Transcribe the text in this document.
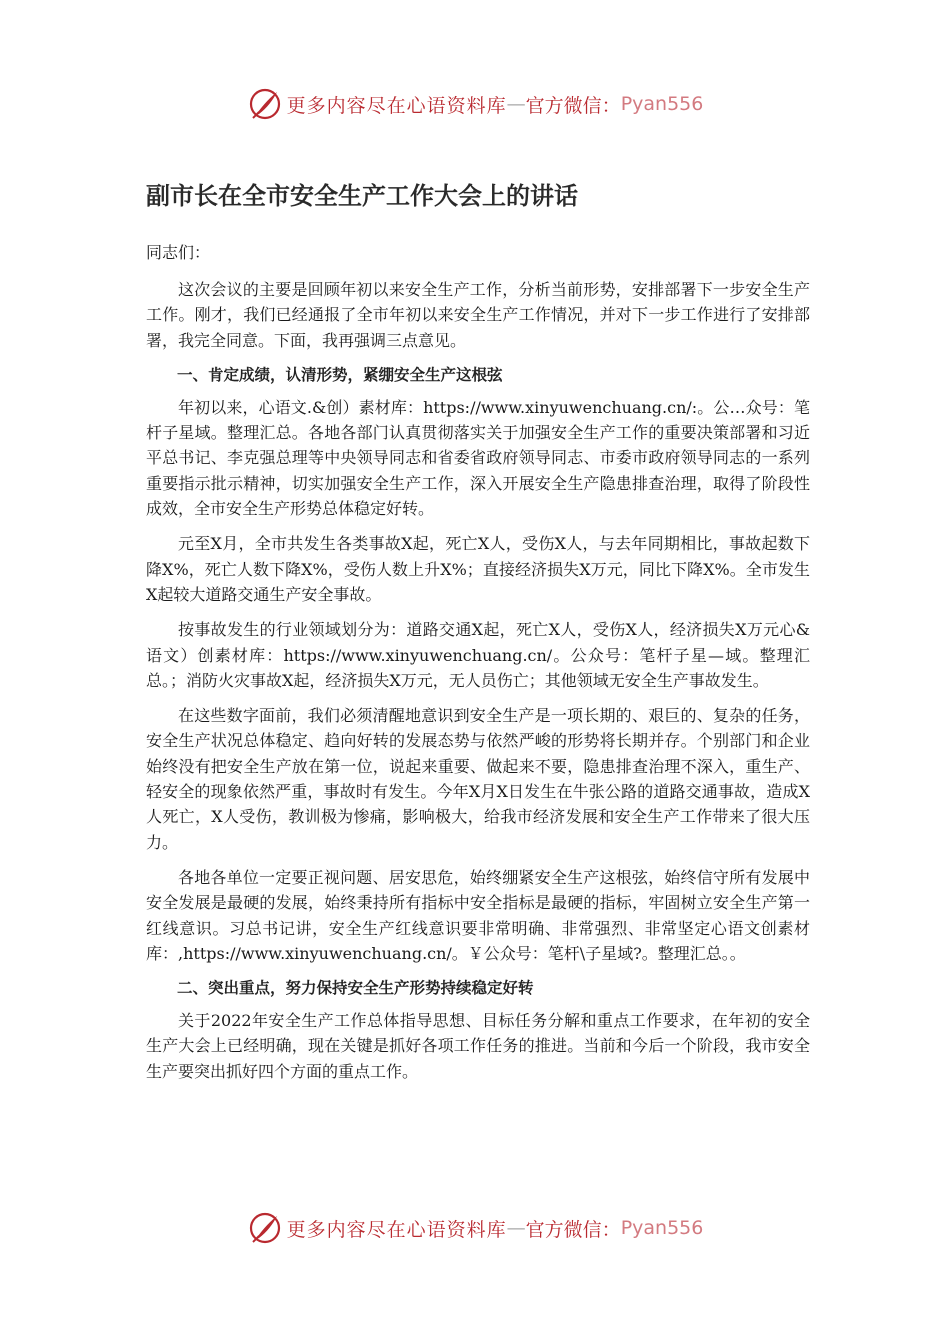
更多内容尽在心语资料库 — 官方微信： Pyan556
副市长在全市安全生产工作大会上的讲话

同志们：

这次会议的主要是回顾年初以来安全生产工作，分析当前形势，安排部署下一步安全生产工作。刚才，我们已经通报了全市年初以来安全生产工作情况，并对下一步工作进行了安排部署，我完全同意。下面，我再强调三点意见。

一、肯定成绩，认清形势，紧绷安全生产这根弦

年初以来，心语文.&创）素材库：https://www.xinyuwenchuang.cn/:。公…众号：笔杆子星域。整理汇总。各地各部门认真贯彻落实关于加强安全生产工作的重要决策部署和习近平总书记、李克强总理等中央领导同志和省委省政府领导同志、市委市政府领导同志的一系列重要指示批示精神，切实加强安全生产工作，深入开展安全生产隐患排查治理，取得了阶段性成效，全市安全生产形势总体稳定好转。

元至X月，全市共发生各类事故X起，死亡X人，受伤X人，与去年同期相比，事故起数下降X%，死亡人数下降X%，受伤人数上升X%；直接经济损失X万元，同比下降X%。全市发生X起较大道路交通生产安全事故。

按事故发生的行业领域划分为：道路交通X起，死亡X人，受伤X人，经济损失X万元心&语文）创素材库：https://www.xinyuwenchuang.cn/。公众号：笔杆子星—域。整理汇总。；消防火灾事故X起，经济损失X万元，无人员伤亡；其他领域无安全生产事故发生。

在这些数字面前，我们必须清醒地意识到安全生产是一项长期的、艰巨的、复杂的任务，安全生产状况总体稳定、趋向好转的发展态势与依然严峻的形势将长期并存。个别部门和企业始终没有把安全生产放在第一位，说起来重要、做起来不要，隐患排查治理不深入，重生产、轻安全的现象依然严重，事故时有发生。今年X月X日发生在牛张公路的道路交通事故，造成X人死亡，X人受伤，教训极为惨痛，影响极大，给我市经济发展和安全生产工作带来了很大压力。

各地各单位一定要正视问题、居安思危，始终绷紧安全生产这根弦，始终信守所有发展中安全发展是最硬的发展，始终秉持所有指标中安全指标是最硬的指标，牢固树立安全生产第一红线意识。习总书记讲，安全生产红线意识要非常明确、非常强烈、非常坚定心语文创素材库：,https://www.xinyuwenchuang.cn/。￥公众号：笔杆\子星域?。整理汇总。。

二、突出重点，努力保持安全生产形势持续稳定好转

关于2022年安全生产工作总体指导思想、目标任务分解和重点工作要求，在年初的安全生产大会上已经明确，现在关键是抓好各项工作任务的推进。当前和今后一个阶段，我市安全生产要突出抓好四个方面的重点工作。

更多内容尽在心语资料库 — 官方微信： Pyan556
